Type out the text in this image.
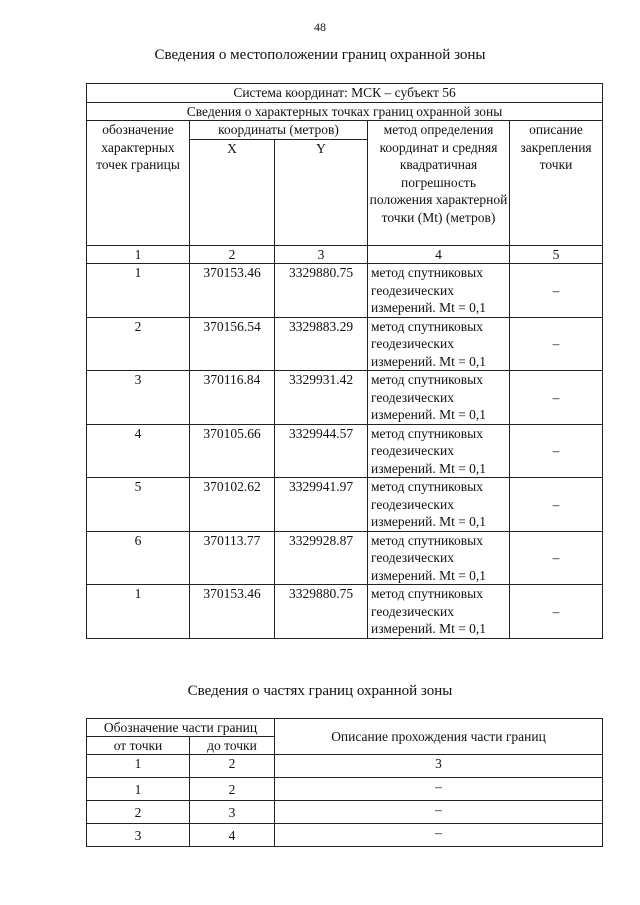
48
Сведения о местоположении границ охранной зоны
Система координат: МСК – субъект 56				
Сведения о характерных точках границ охранной зоны				
обозначение характерных точек границы	координаты (метров)		метод определения координат и средняя квадратичная погрешность положения характерной точки (Мt) (метров)	описание закрепления точки
	X	Y		
1	2	3	4	5
1	370153.46	3329880.75	метод спутниковых геодезических измерений. Мt = 0,1	–
2	370156.54	3329883.29	метод спутниковых геодезических измерений. Мt = 0,1	–
3	370116.84	3329931.42	метод спутниковых геодезических измерений. Мt = 0,1	–
4	370105.66	3329944.57	метод спутниковых геодезических измерений. Мt = 0,1	–
5	370102.62	3329941.97	метод спутниковых геодезических измерений. Мt = 0,1	–
6	370113.77	3329928.87	метод спутниковых геодезических измерений. Мt = 0,1	–
1	370153.46	3329880.75	метод спутниковых геодезических измерений. Мt = 0,1	–
Сведения о частях границ охранной зоны
Обозначение части границ		Описание прохождения части границ
от точки	до точки	
1	2	3
1	2	–
2	3	–
3	4	–
